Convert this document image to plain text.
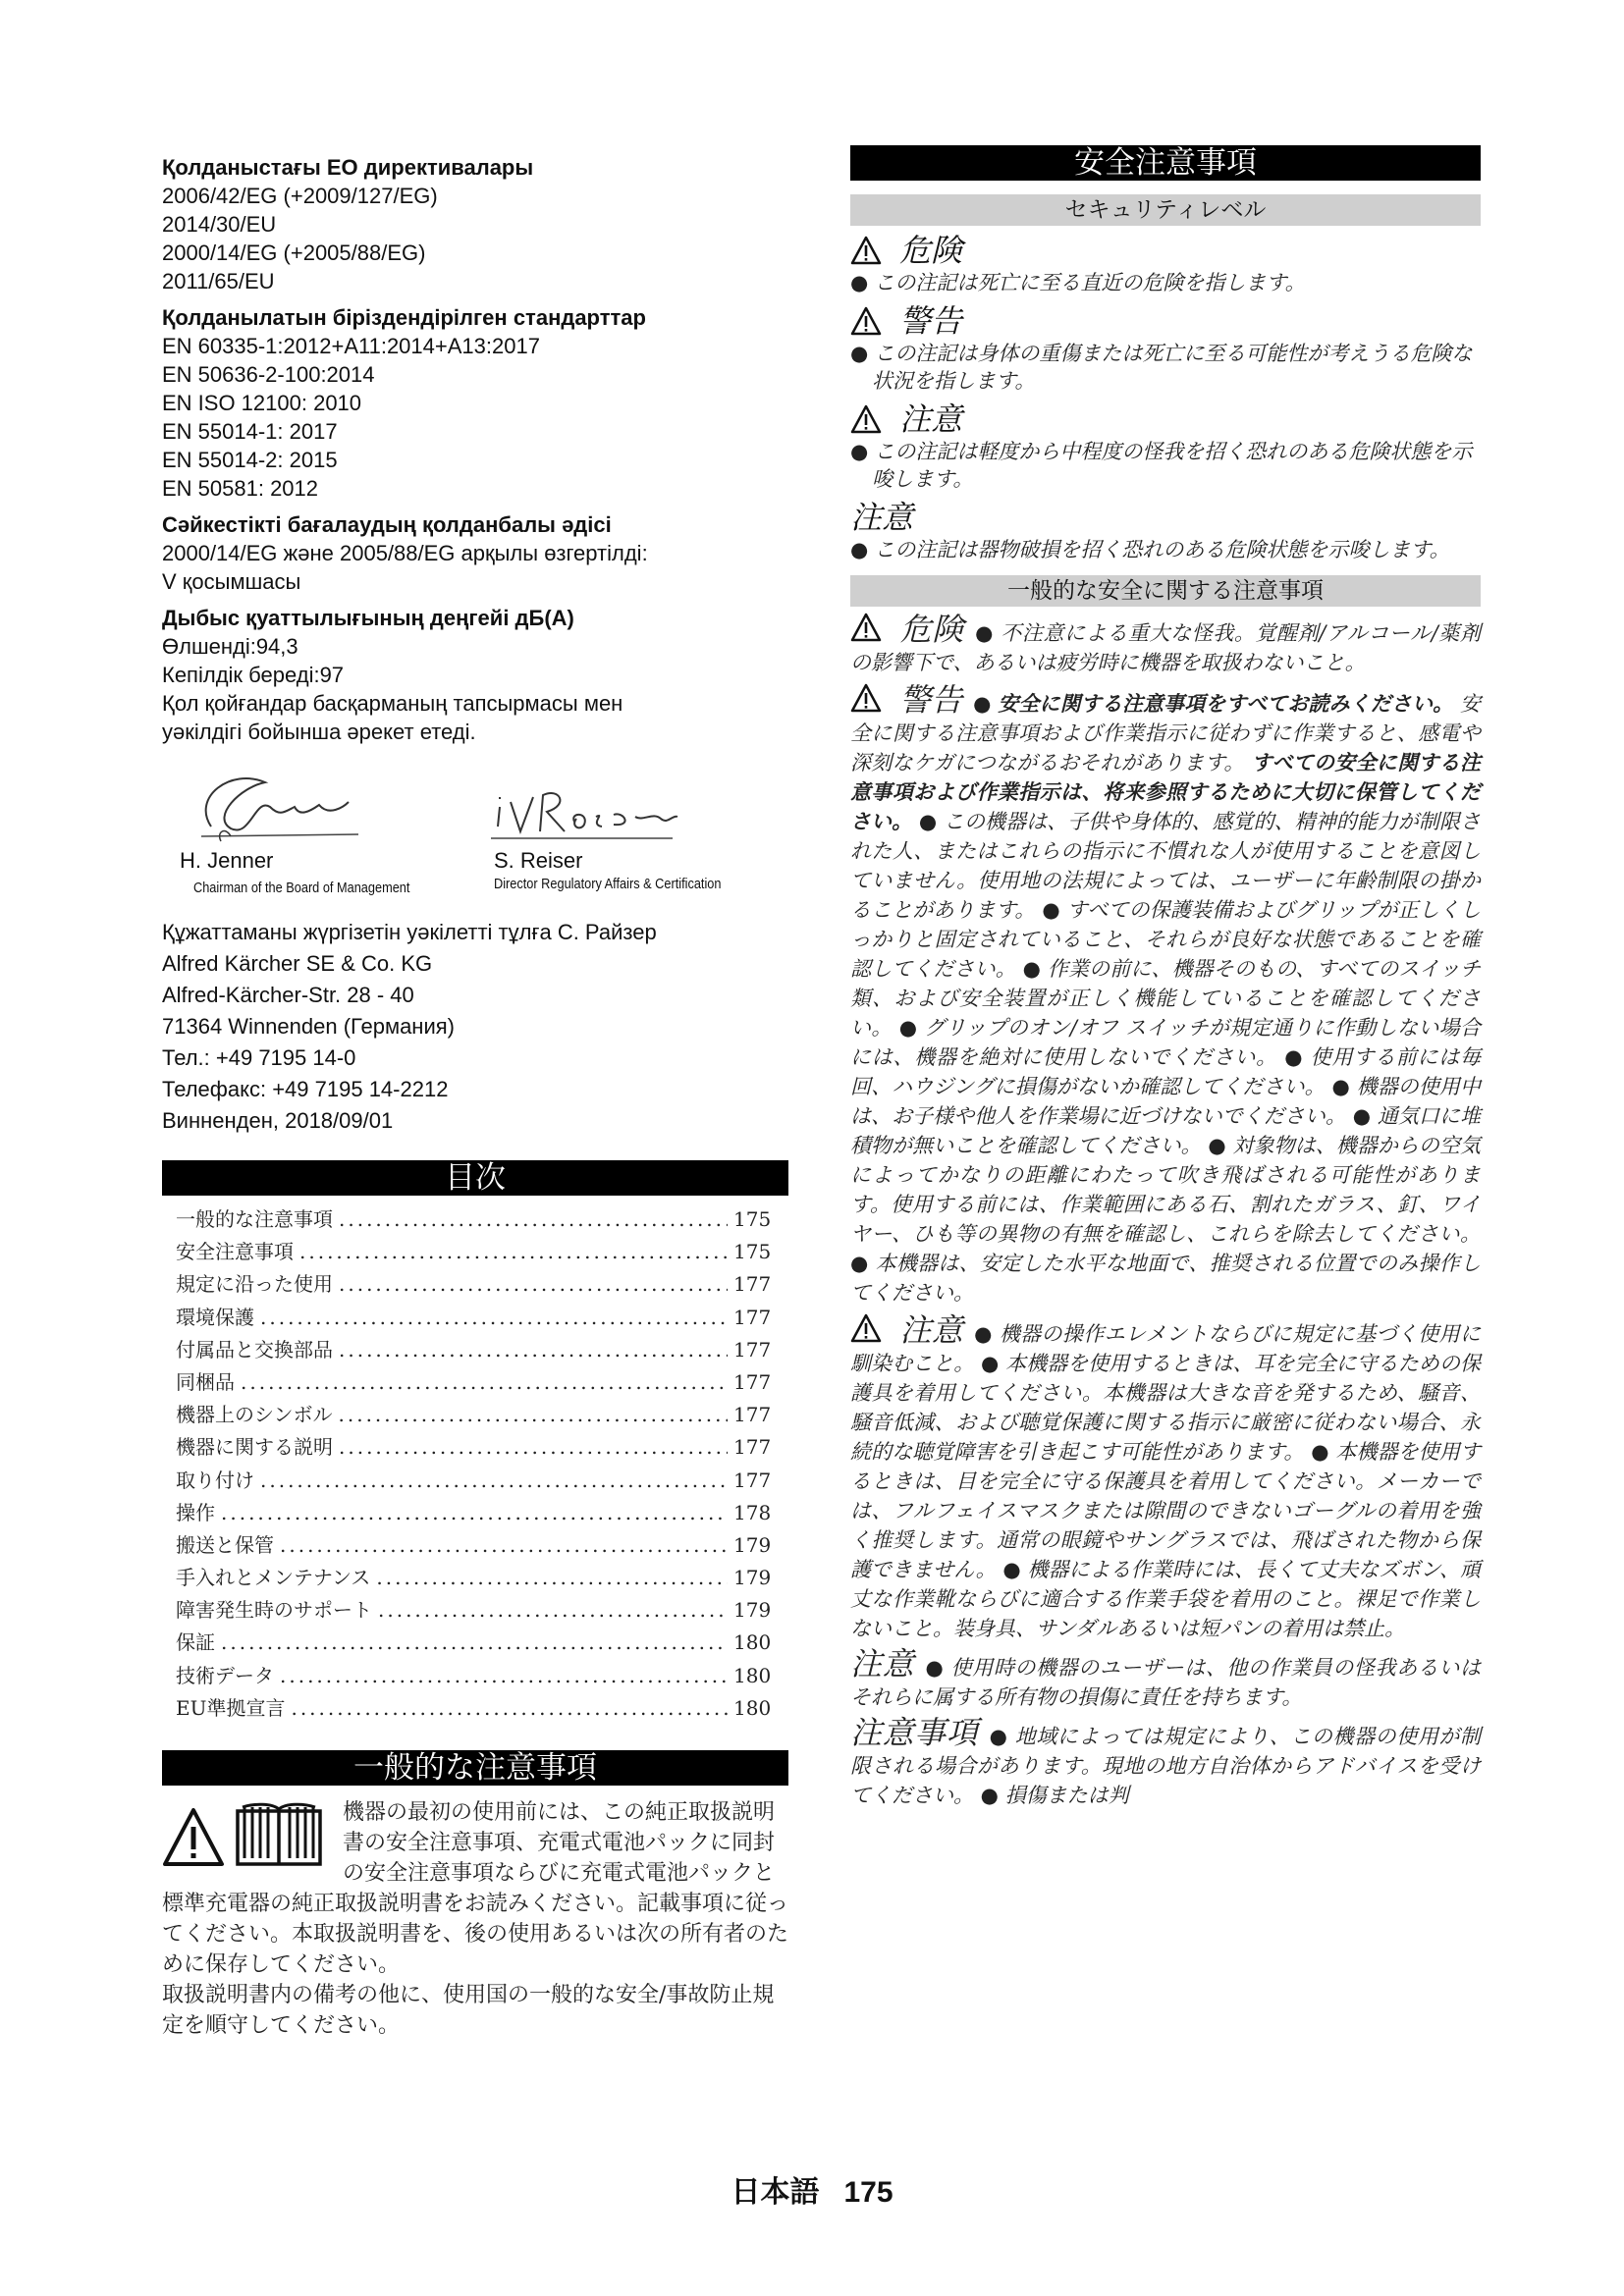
Қолданыстағы ЕО директивалары
2006/42/EG (+2009/127/EG)
2014/30/EU
2000/14/EG (+2005/88/EG)
2011/65/EU
Қолданылатын біріздендірілген стандарттар
EN 60335-1:2012+A11:2014+A13:2017
EN 50636-2-100:2014
EN ISO 12100: 2010
EN 55014-1: 2017
EN 55014-2: 2015
EN 50581: 2012
Сәйкестікті бағалаудың қолданбалы әдісі
2000/14/EG және 2005/88/EG арқылы өзгертілді:
V қосымшасы
Дыбыс қуаттылығының деңгейі дБ(А)
Өлшенді:94,3
Кепілдік береді:97
Қол қойғандар басқарманың тапсырмасы мен
уәкілдігі бойынша әрекет етеді.
H. Jenner
Chairman of the Board of Management
S. Reiser
Director Regulatory Affairs & Certification
Құжаттаманы жүргізетін уәкілетті тұлға С. Райзер
Alfred Kärcher SE & Co. KG
Alfred-Kärcher-Str. 28 - 40
71364 Winnenden (Германия)
Тел.: +49 7195 14-0
Телефакс: +49 7195 14-2212
Винненден, 2018/09/01
目次
一般的な注意事項 .....	175
安全注意事項 .....	175
規定に沿った使用 .....	177
環境保護 .....	177
付属品と交換部品 .....	177
同梱品 .....	177
機器上のシンボル .....	177
機器に関する説明 .....	177
取り付け .....	177
操作 .....	178
搬送と保管 .....	179
手入れとメンテナンス .....	179
障害発生時のサポート .....	179
保証 .....	180
技術データ .....	180
EU準拠宣言 .....	180
一般的な注意事項
機器の最初の使用前には、この純正取扱説明書の安全注意事項、充電式電池パックに同封の安全注意事項ならびに充電式電池パックと標準充電器の純正取扱説明書をお読みください。記載事項に従ってください。本取扱説明書を、後の使用あるいは次の所有者のために保存してください。
取扱説明書内の備考の他に、使用国の一般的な安全/事故防止規定を順守してください。
安全注意事項
セキュリティレベル
危険
● この注記は死亡に至る直近の危険を指します。
警告
● この注記は身体の重傷または死亡に至る可能性が考えうる危険な状況を指します。
注意
● この注記は軽度から中程度の怪我を招く恐れのある危険状態を示唆します。
注意
● この注記は器物破損を招く恐れのある危険状態を示唆します。
一般的な安全に関する注意事項
危険 ● 不注意による重大な怪我。覚醒剤/アルコール/薬剤の影響下で、あるいは疲労時に機器を取扱わないこと。
警告 ● 安全に関する注意事項をすべてお読みください。 安全に関する注意事項および作業指示に従わずに作業すると、感電や深刻なケガにつながるおそれがあります。 すべての安全に関する注意事項および作業指示は、将来参照するために大切に保管してください。 ● この機器は、子供や身体的、感覚的、精神的能力が制限された人、またはこれらの指示に不慣れな人が使用することを意図していません。使用地の法規によっては、ユーザーに年齢制限の掛かることがあります。 ● すべての保護装備およびグリップが正しくしっかりと固定されていること、それらが良好な状態であることを確認してください。 ● 作業の前に、機器そのもの、すべてのスイッチ類、および安全装置が正しく機能していることを確認してください。 ● グリップのオン/オフ スイッチが規定通りに作動しない場合には、機器を絶対に使用しないでください。 ● 使用する前には毎回、ハウジングに損傷がないか確認してください。 ● 機器の使用中は、お子様や他人を作業場に近づけないでください。 ● 通気口に堆積物が無いことを確認してください。 ● 対象物は、機器からの空気によってかなりの距離にわたって吹き飛ばされる可能性があります。使用する前には、作業範囲にある石、割れたガラス、釘、ワイヤー、ひも等の異物の有無を確認し、これらを除去してください。 ● 本機器は、安定した水平な地面で、推奨される位置でのみ操作してください。
注意 ● 機器の操作エレメントならびに規定に基づく使用に馴染むこと。 ● 本機器を使用するときは、耳を完全に守るための保護具を着用してください。本機器は大きな音を発するため、騒音、騒音低減、および聴覚保護に関する指示に厳密に従わない場合、永続的な聴覚障害を引き起こす可能性があります。 ● 本機器を使用するときは、目を完全に守る保護具を着用してください。メーカーでは、フルフェイスマスクまたは隙間のできないゴーグルの着用を強く推奨します。通常の眼鏡やサングラスでは、飛ばされた物から保護できません。 ● 機器による作業時には、長くて丈夫なズボン、頑丈な作業靴ならびに適合する作業手袋を着用のこと。裸足で作業しないこと。装身具、サンダルあるいは短パンの着用は禁止。
注意 ● 使用時の機器のユーザーは、他の作業員の怪我あるいはそれらに属する所有物の損傷に責任を持ちます。
注意事項 ● 地域によっては規定により、この機器の使用が制限される場合があります。現地の地方自治体からアドバイスを受けてください。 ● 損傷または判
日本語 175
